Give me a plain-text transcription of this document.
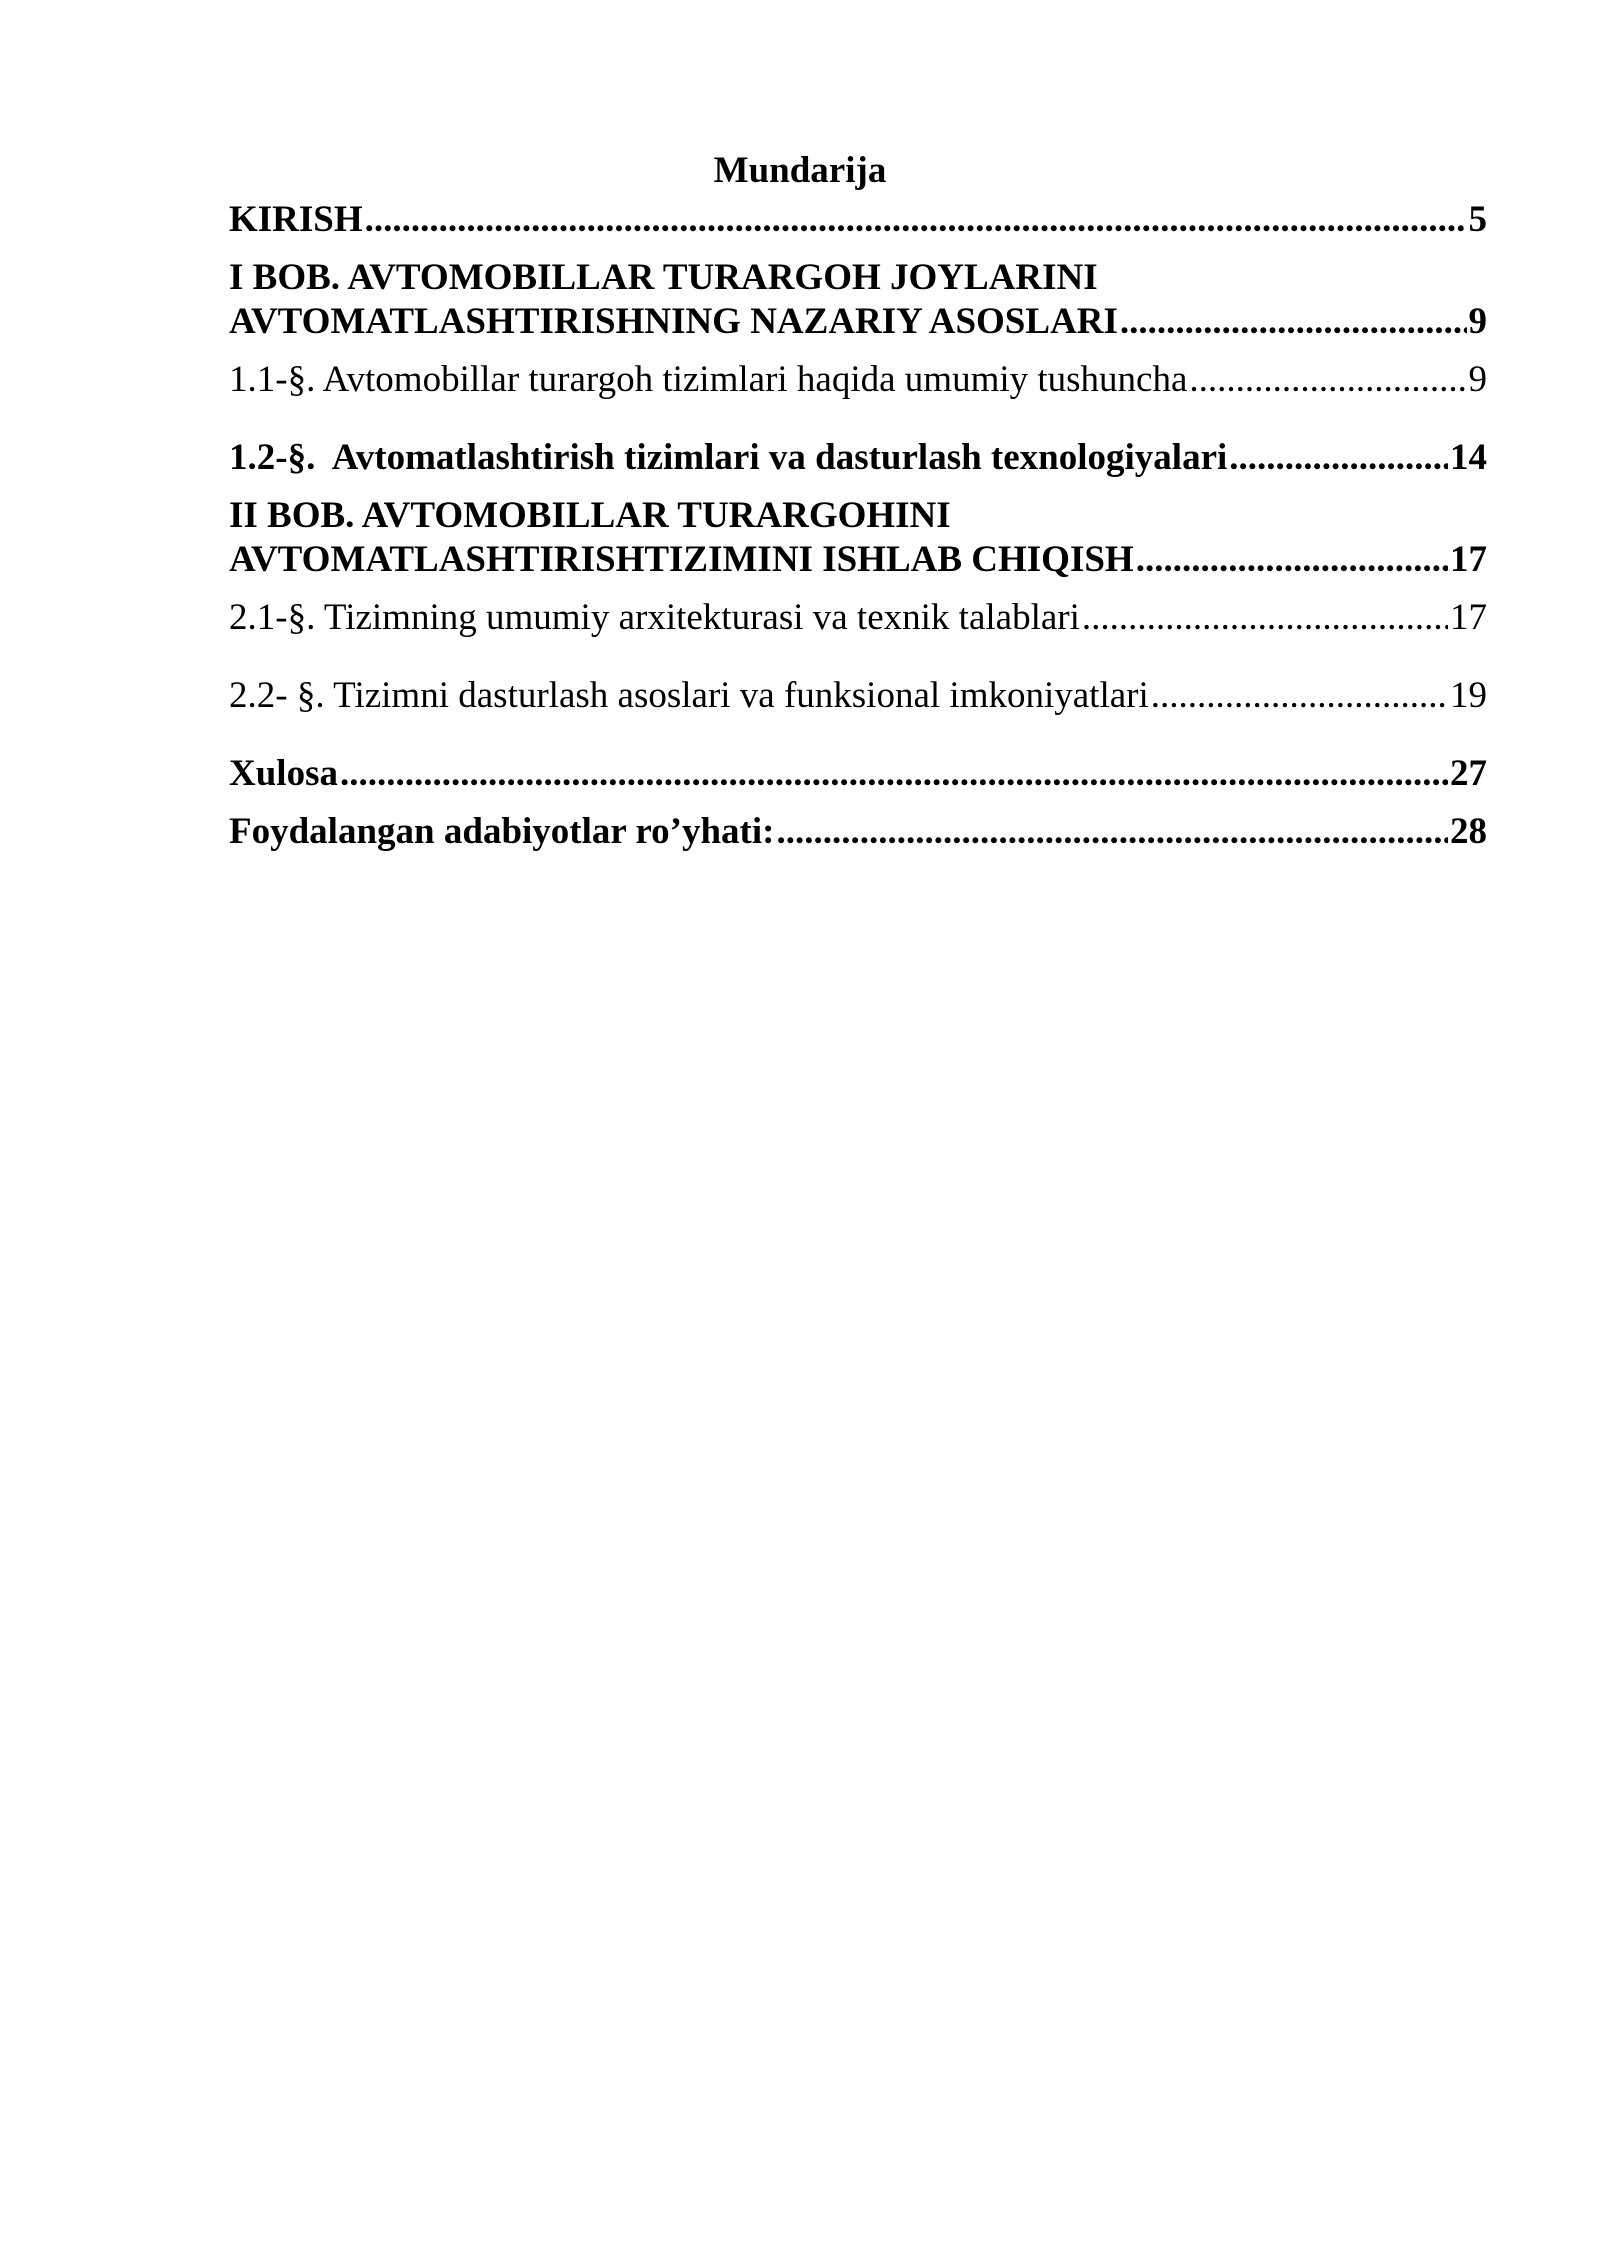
Mundarija
KIRISH .....	5
I BOB. AVTOMOBILLAR TURARGOH JOYLARINI
AVTOMATLASHTIRISHNING NAZARIY ASOSLARI .....	9
1.1-§. Avtomobillar turargoh tizimlari haqida umumiy tushuncha .....	9
1.2-§.  Avtomatlashtirish tizimlari va dasturlash texnologiyalari .....	14
II BOB. AVTOMOBILLAR TURARGOHINI
AVTOMATLASHTIRISHTIZIMINI ISHLAB CHIQISH .....	17
2.1-§. Tizimning umumiy arxitekturasi va texnik talablari .....	17
2.2- §. Tizimni dasturlash asoslari va funksional imkoniyatlari .....	19
Xulosa .....	27
Foydalangan adabiyotlar ro’yhati: .....	28
